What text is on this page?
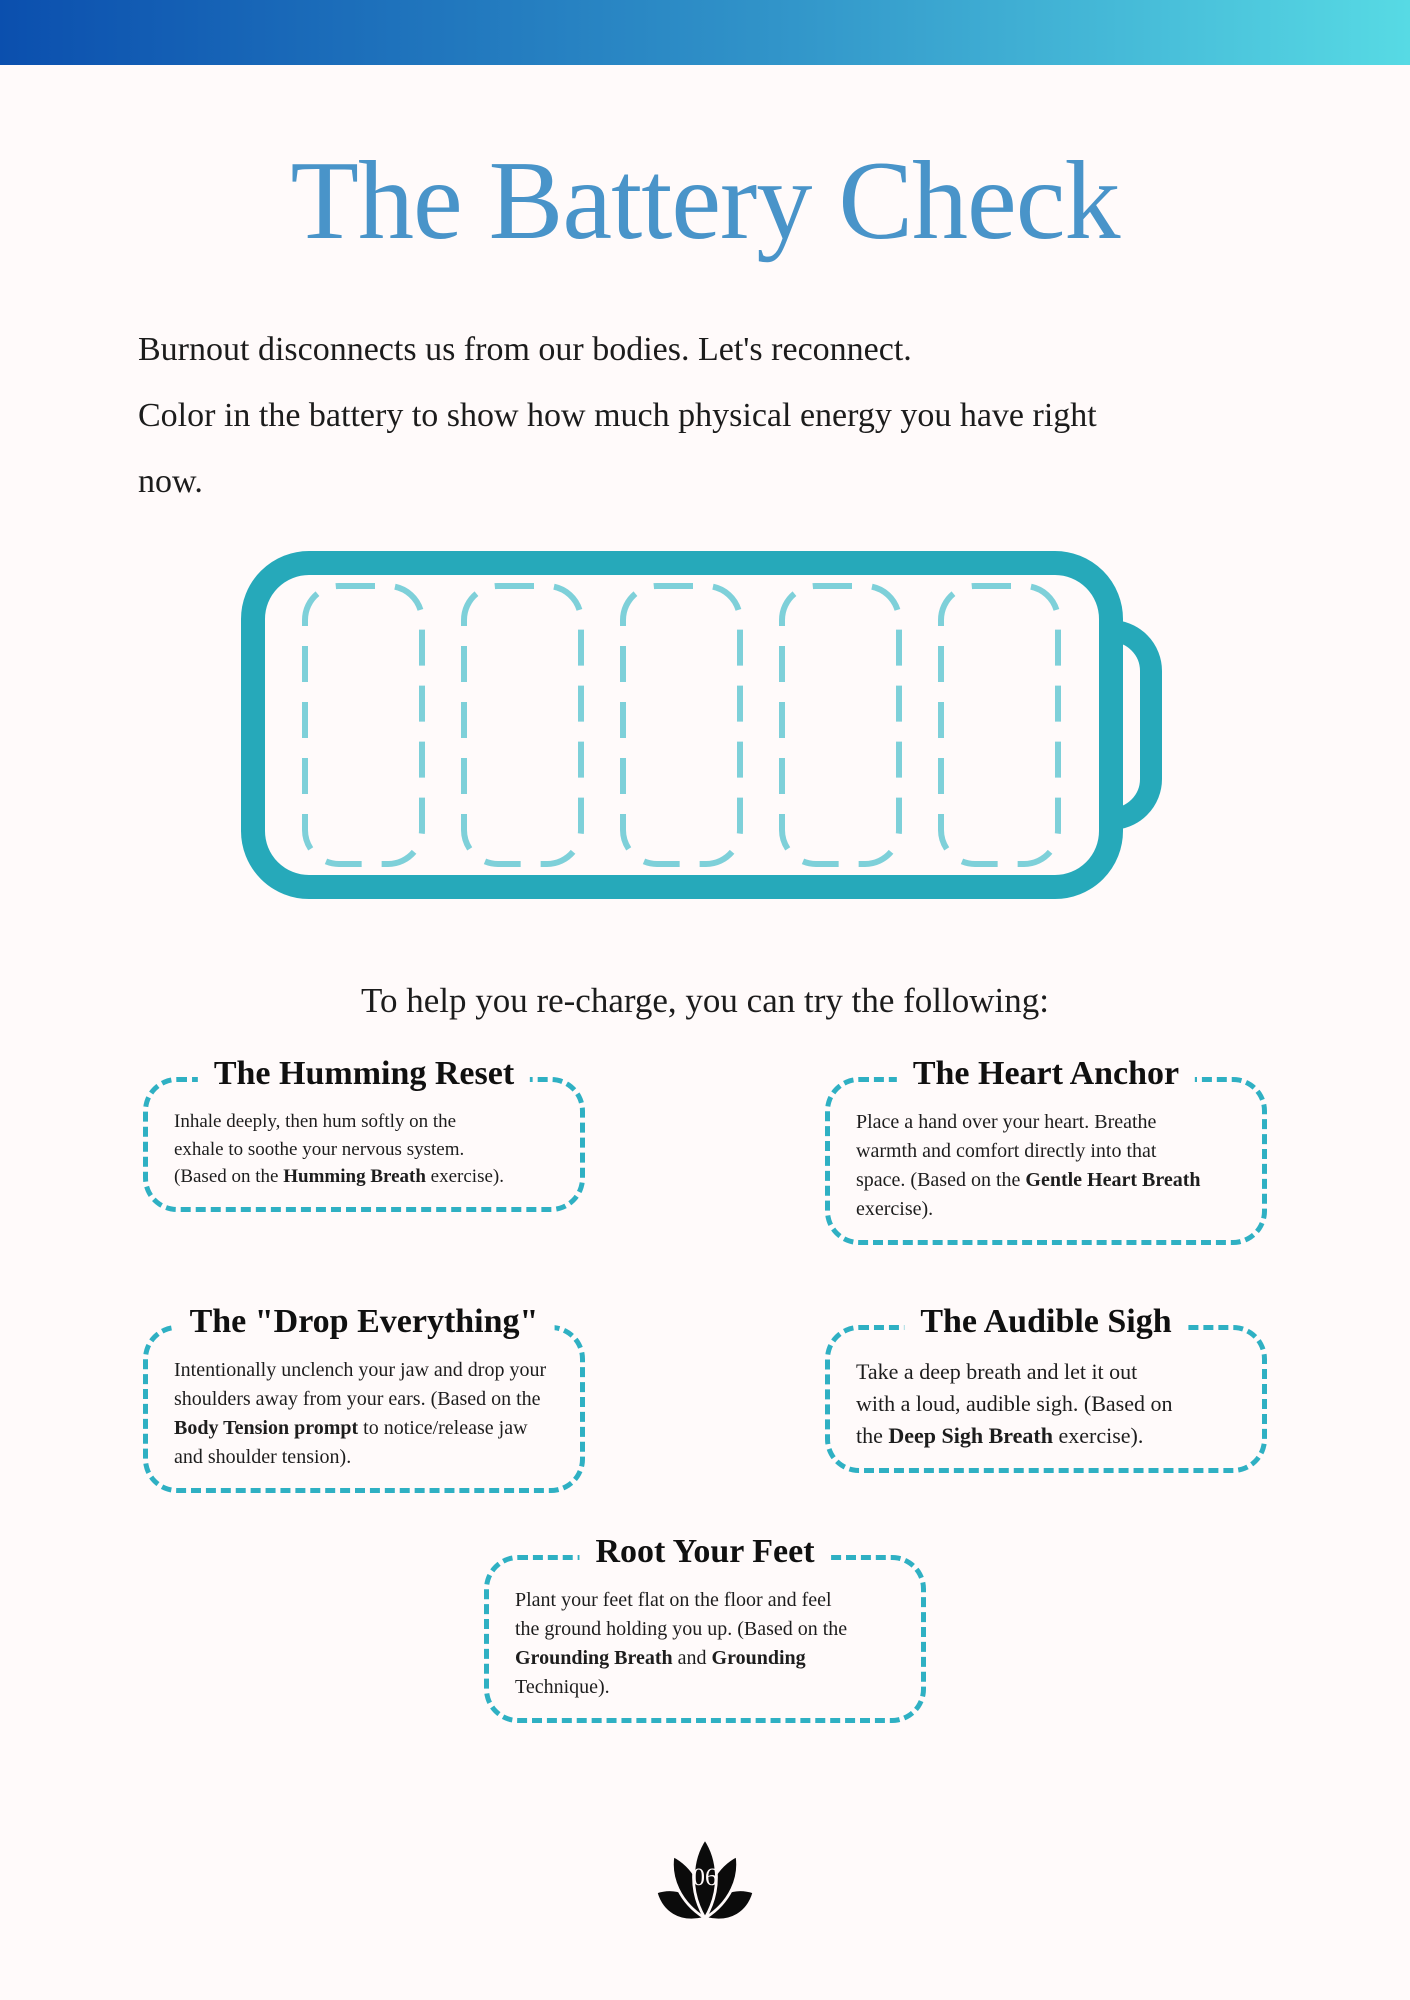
The Battery Check
Burnout disconnects us from our bodies. Let's reconnect.
Color in the battery to show how much physical energy you have right
now.
To help you re-charge, you can try the following:
The Humming Reset
Inhale deeply, then hum softly on the
exhale to soothe your nervous system.
(Based on the Humming Breath exercise).
The Heart Anchor
Place a hand over your heart. Breathe
warmth and comfort directly into that
space. (Based on the Gentle Heart Breath
exercise).
The "Drop Everything"
Intentionally unclench your jaw and drop your
shoulders away from your ears. (Based on the
Body Tension prompt to notice/release jaw
and shoulder tension).
The Audible Sigh
Take a deep breath and let it out
with a loud, audible sigh. (Based on
the Deep Sigh Breath exercise).
Root Your Feet
Plant your feet flat on the floor and feel
the ground holding you up. (Based on the
Grounding Breath and Grounding
Technique).
06
